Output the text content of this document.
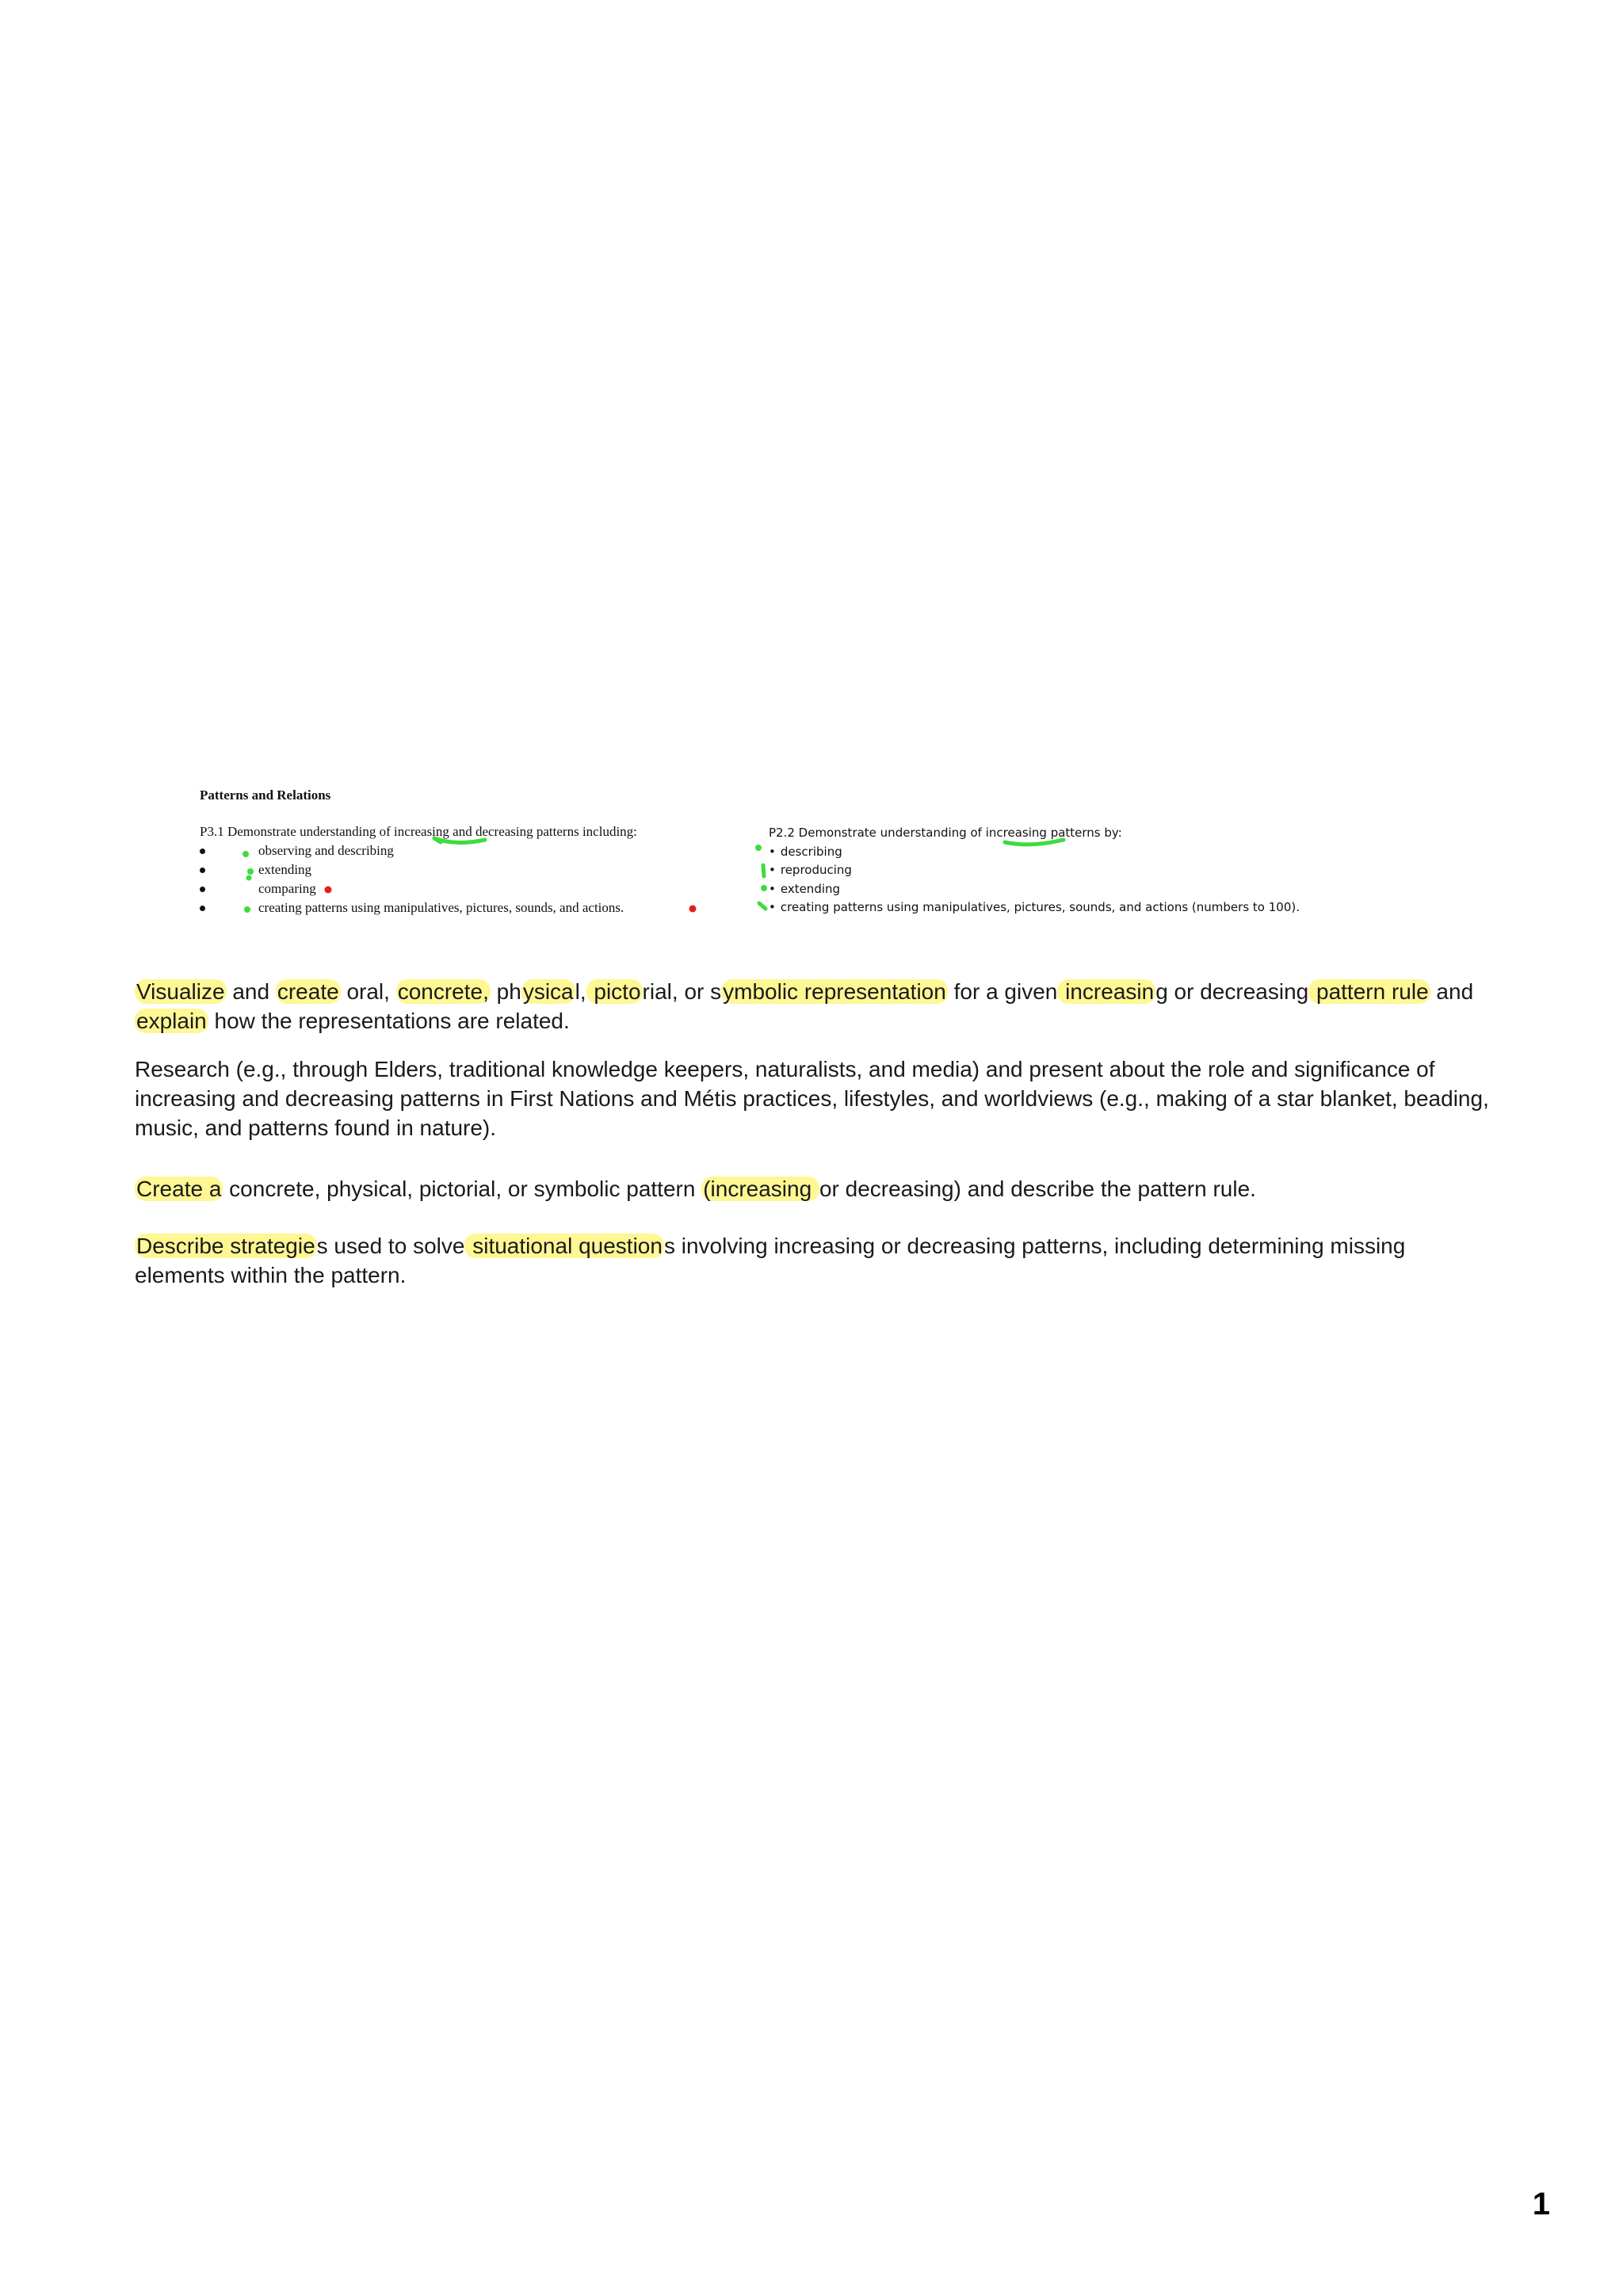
Patterns and Relations
P3.1 Demonstrate understanding of increasing and decreasing patterns including:
observing and describing
extending
comparing
creating patterns using manipulatives, pictures, sounds, and actions.
P2.2 Demonstrate understanding of increasing patterns by:
• describing
• reproducing
• extending
• creating patterns using manipulatives, pictures, sounds, and actions (numbers to 100).
Visualize and create oral, concrete, physical, pictorial, or symbolic representation for a given increasing or decreasing pattern rule and
explain how the representations are related.
Research (e.g., through Elders, traditional knowledge keepers, naturalists, and media) and present about the role and significance of increasing and decreasing patterns in First Nations and Métis practices, lifestyles, and worldviews (e.g., making of a star blanket, beading, music, and patterns found in nature).
Create a concrete, physical, pictorial, or symbolic pattern (increasing or decreasing) and describe the pattern rule.
Describe strategies used to solve situational questions involving increasing or decreasing patterns, including determining missing elements within the pattern.
1
